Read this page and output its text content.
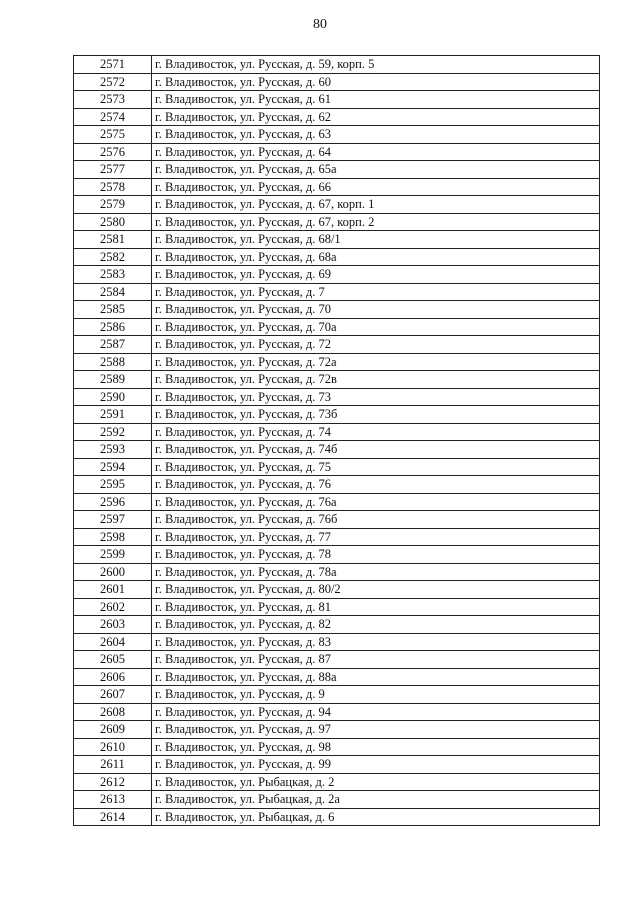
80
2571	г. Владивосток, ул. Русская, д. 59, корп. 5
2572	г. Владивосток, ул. Русская, д. 60
2573	г. Владивосток, ул. Русская, д. 61
2574	г. Владивосток, ул. Русская, д. 62
2575	г. Владивосток, ул. Русская, д. 63
2576	г. Владивосток, ул. Русская, д. 64
2577	г. Владивосток, ул. Русская, д. 65а
2578	г. Владивосток, ул. Русская, д. 66
2579	г. Владивосток, ул. Русская, д. 67, корп. 1
2580	г. Владивосток, ул. Русская, д. 67, корп. 2
2581	г. Владивосток, ул. Русская, д. 68/1
2582	г. Владивосток, ул. Русская, д. 68а
2583	г. Владивосток, ул. Русская, д. 69
2584	г. Владивосток, ул. Русская, д. 7
2585	г. Владивосток, ул. Русская, д. 70
2586	г. Владивосток, ул. Русская, д. 70а
2587	г. Владивосток, ул. Русская, д. 72
2588	г. Владивосток, ул. Русская, д. 72а
2589	г. Владивосток, ул. Русская, д. 72в
2590	г. Владивосток, ул. Русская, д. 73
2591	г. Владивосток, ул. Русская, д. 73б
2592	г. Владивосток, ул. Русская, д. 74
2593	г. Владивосток, ул. Русская, д. 74б
2594	г. Владивосток, ул. Русская, д. 75
2595	г. Владивосток, ул. Русская, д. 76
2596	г. Владивосток, ул. Русская, д. 76а
2597	г. Владивосток, ул. Русская, д. 76б
2598	г. Владивосток, ул. Русская, д. 77
2599	г. Владивосток, ул. Русская, д. 78
2600	г. Владивосток, ул. Русская, д. 78а
2601	г. Владивосток, ул. Русская, д. 80/2
2602	г. Владивосток, ул. Русская, д. 81
2603	г. Владивосток, ул. Русская, д. 82
2604	г. Владивосток, ул. Русская, д. 83
2605	г. Владивосток, ул. Русская, д. 87
2606	г. Владивосток, ул. Русская, д. 88а
2607	г. Владивосток, ул. Русская, д. 9
2608	г. Владивосток, ул. Русская, д. 94
2609	г. Владивосток, ул. Русская, д. 97
2610	г. Владивосток, ул. Русская, д. 98
2611	г. Владивосток, ул. Русская, д. 99
2612	г. Владивосток, ул. Рыбацкая, д. 2
2613	г. Владивосток, ул. Рыбацкая, д. 2а
2614	г. Владивосток, ул. Рыбацкая, д. 6
